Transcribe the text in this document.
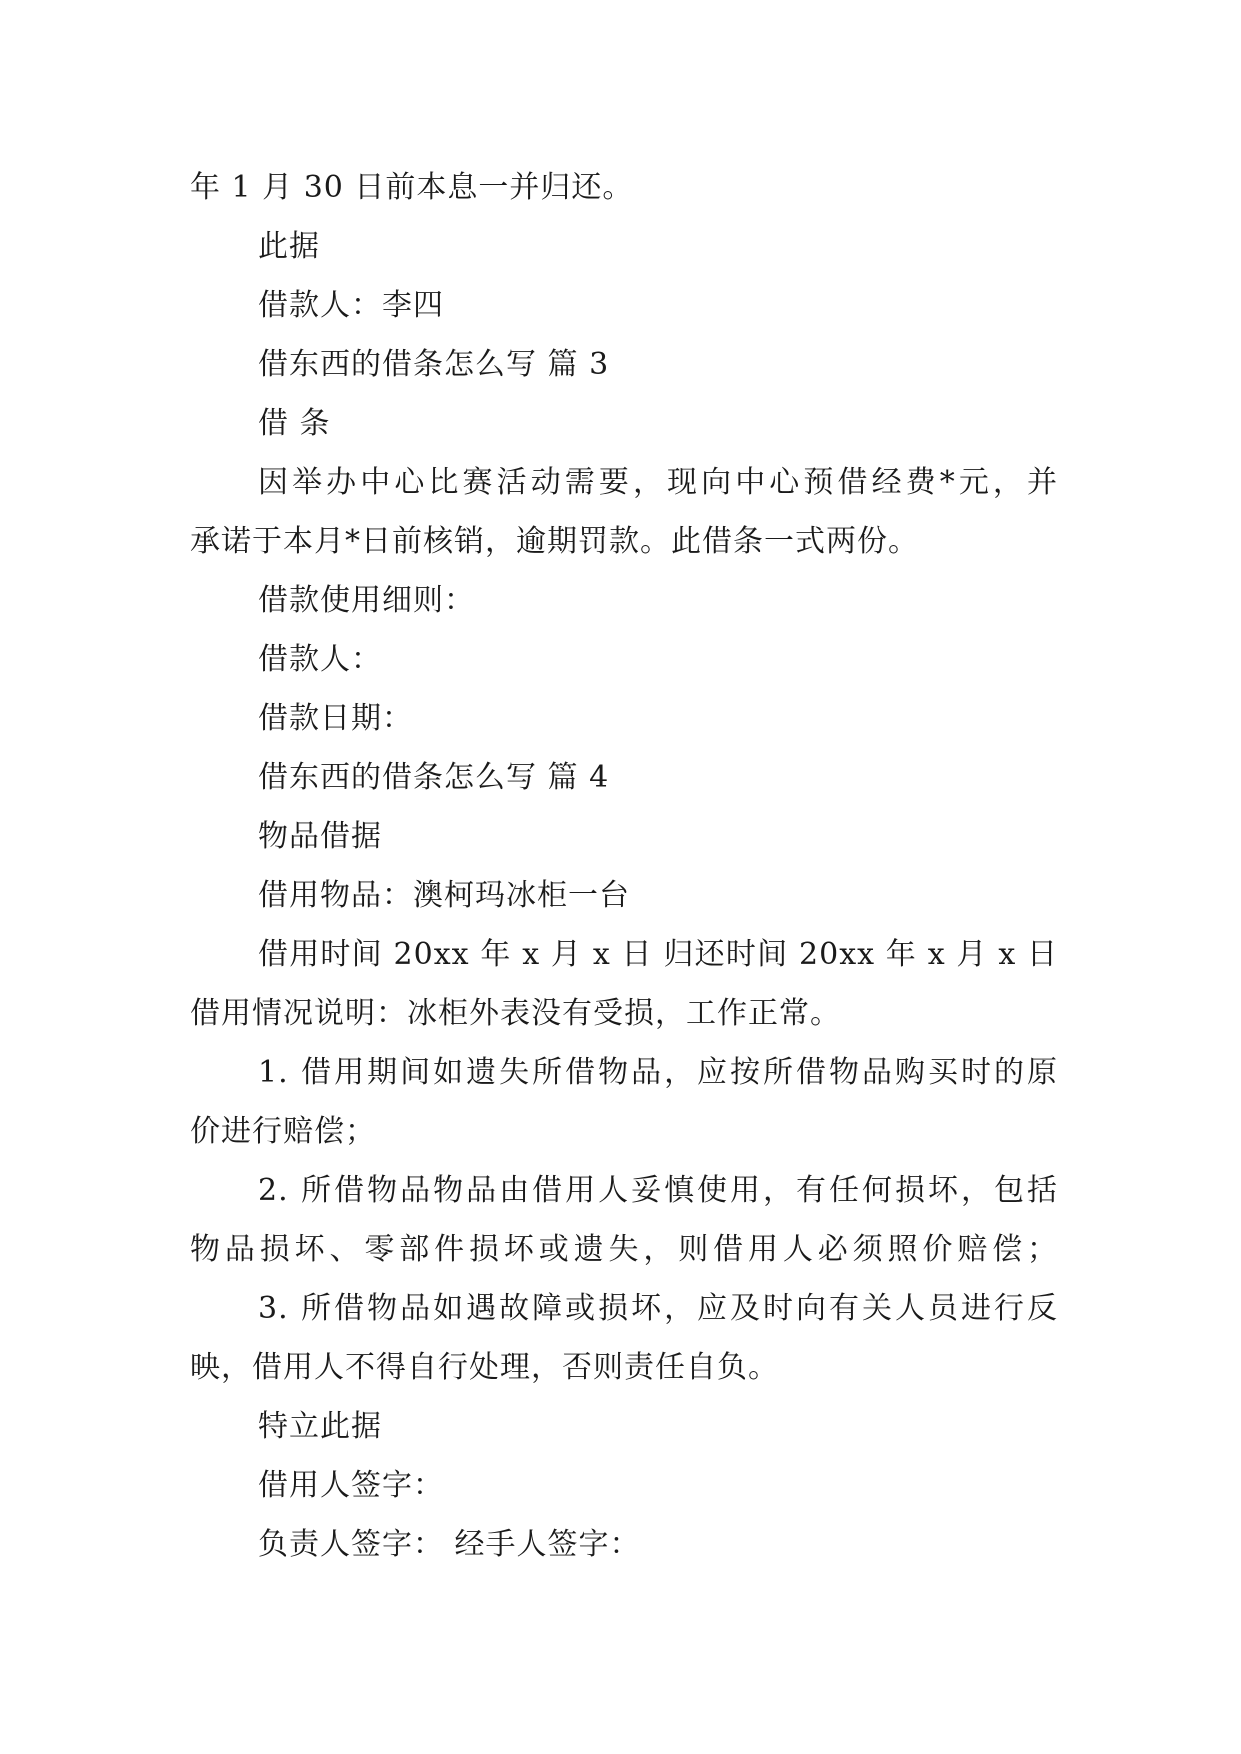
年 1 月 30 日前本息一并归还。
此据
借款人：李四
借东西的借条怎么写 篇 3
借 条
因举办中心比赛活动需要，现向中心预借经费*元，并
承诺于本月*日前核销，逾期罚款。此借条一式两份。
借款使用细则：
借款人：
借款日期：
借东西的借条怎么写 篇 4
物品借据
借用物品：澳柯玛冰柜一台
借用时间 20xx 年 x 月 x 日 归还时间 20xx 年 x 月 x 日
借用情况说明：冰柜外表没有受损，工作正常。
1. 借用期间如遗失所借物品，应按所借物品购买时的原
价进行赔偿；
2. 所借物品物品由借用人妥慎使用，有任何损坏，包括
物品损坏、零部件损坏或遗失，则借用人必须照价赔偿；
3. 所借物品如遇故障或损坏，应及时向有关人员进行反
映，借用人不得自行处理，否则责任自负。
特立此据
借用人签字：
负责人签字： 经手人签字：
